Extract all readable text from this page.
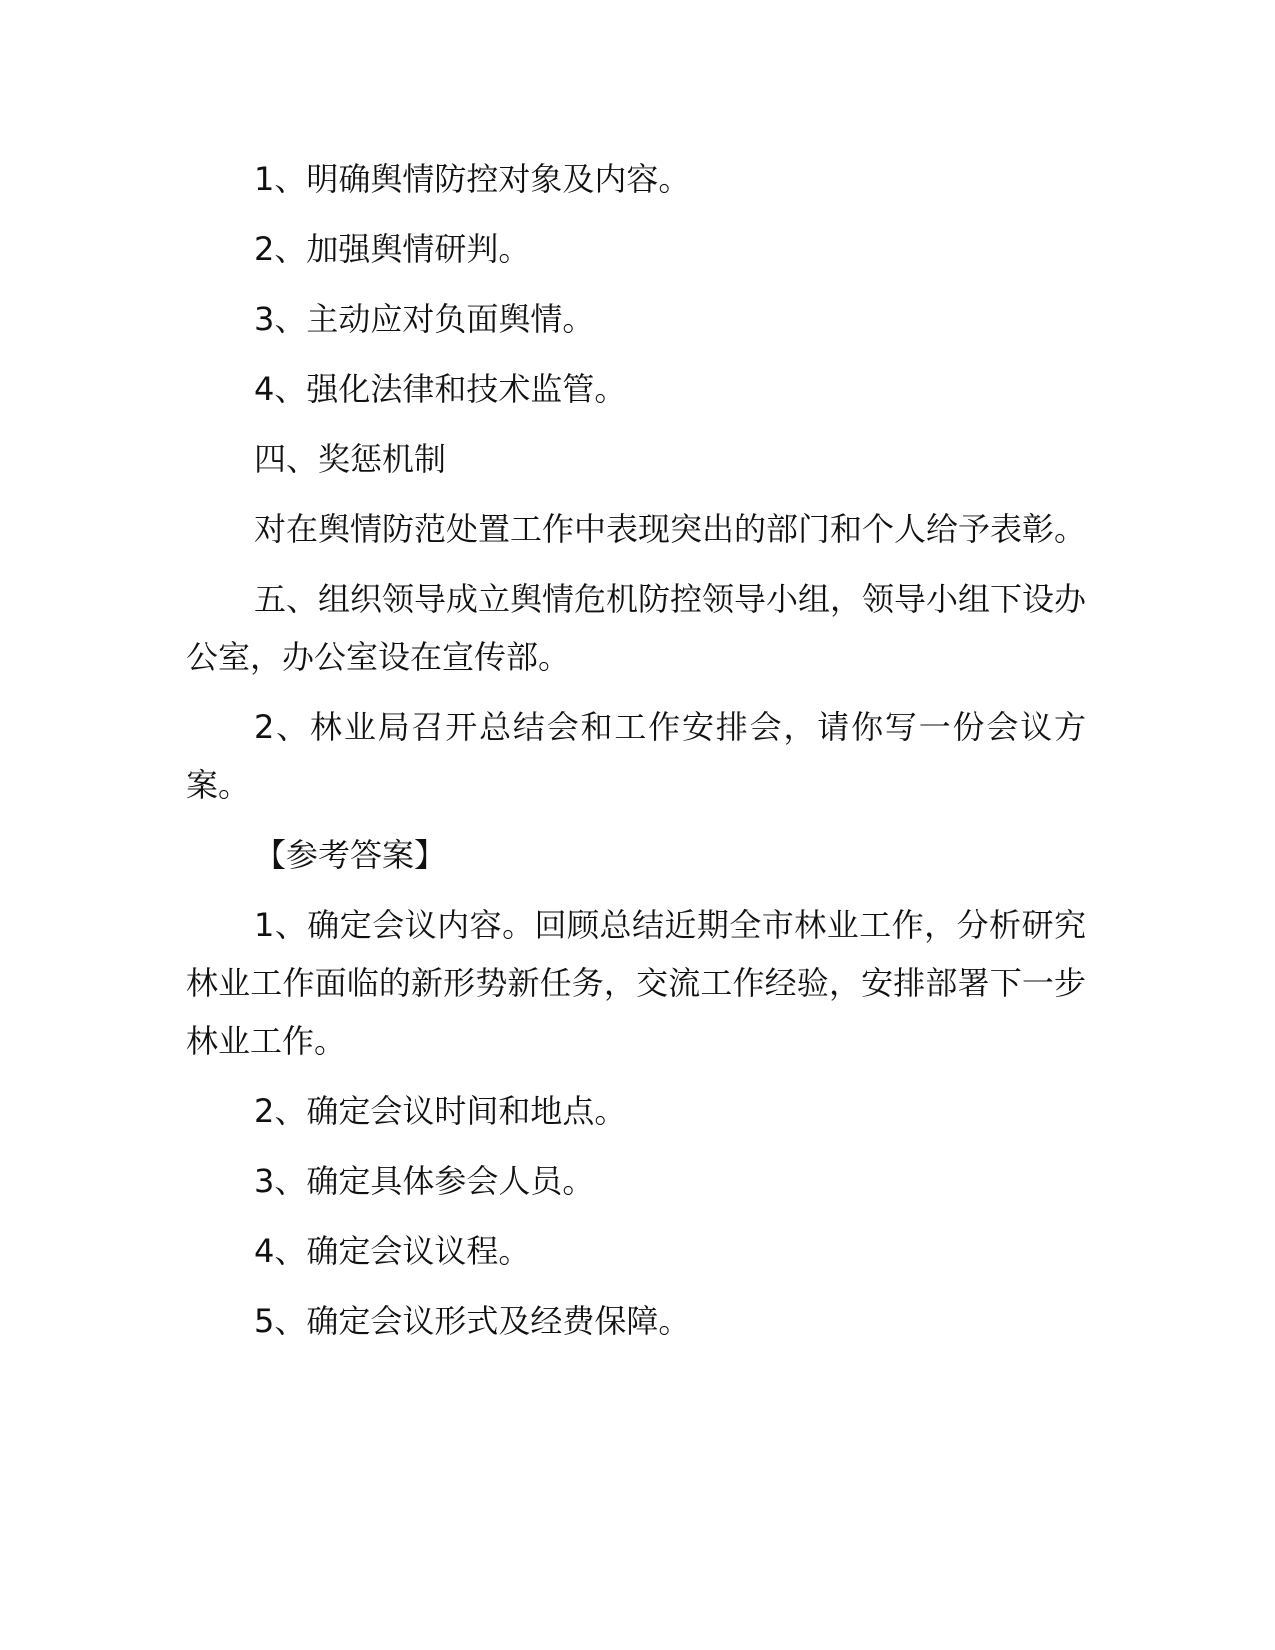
1、明确舆情防控对象及内容。

2、加强舆情研判。

3、主动应对负面舆情。

4、强化法律和技术监管。

四、奖惩机制

对在舆情防范处置工作中表现突出的部门和个人给予表彰。

五、组织领导成立舆情危机防控领导小组，领导小组下设办公室，办公室设在宣传部。

2、林业局召开总结会和工作安排会，请你写一份会议方案。

【参考答案】

1、确定会议内容。回顾总结近期全市林业工作，分析研究林业工作面临的新形势新任务，交流工作经验，安排部署下一步林业工作。

2、确定会议时间和地点。

3、确定具体参会人员。

4、确定会议议程。

5、确定会议形式及经费保障。
